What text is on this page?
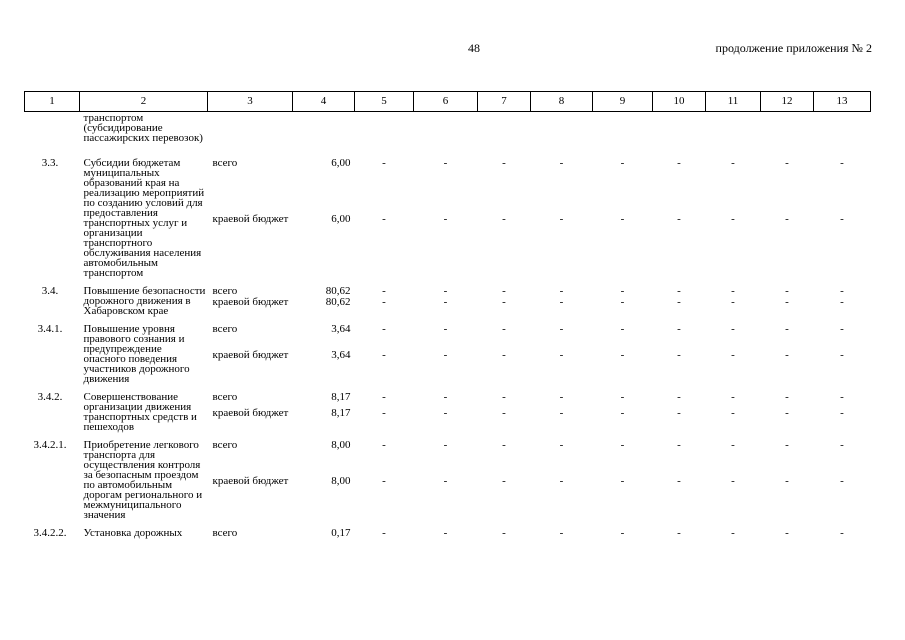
48	продолжение приложения № 2
1	2	3	4	5	6	7	8	9	10	11	12	13
	транспортом (субсидирование пассажирских перевозок)											
3.3.	Субсидии бюджетам муниципальных образований края на реализацию мероприятий по созданию условий для предоставления транспортных услуг и организации транспортного обслуживания населения автомобильным транспортом	всего	6,00	-	-	-	-	-	-	-	-	-
		краевой бюджет	6,00	-	-	-	-	-	-	-	-	-
3.4.	Повышение безопасности дорожного движения в Хабаровском крае	всего	80,62	-	-	-	-	-	-	-	-	-
		краевой бюджет	80,62	-	-	-	-	-	-	-	-	-
3.4.1.	Повышение уровня правового сознания и предупреждение опасного поведения участников дорожного движения	всего	3,64	-	-	-	-	-	-	-	-	-
		краевой бюджет	3,64	-	-	-	-	-	-	-	-	-
3.4.2.	Совершенствование организации движения транспортных средств и пешеходов	всего	8,17	-	-	-	-	-	-	-	-	-
		краевой бюджет	8,17	-	-	-	-	-	-	-	-	-
3.4.2.1.	Приобретение легкового транспорта для осуществления контроля за безопасным проездом по автомобильным дорогам регионального и межмуниципального значения	всего	8,00	-	-	-	-	-	-	-	-	-
		краевой бюджет	8,00	-	-	-	-	-	-	-	-	-
3.4.2.2.	Установка дорожных	всего	0,17	-	-	-	-	-	-	-	-	-
